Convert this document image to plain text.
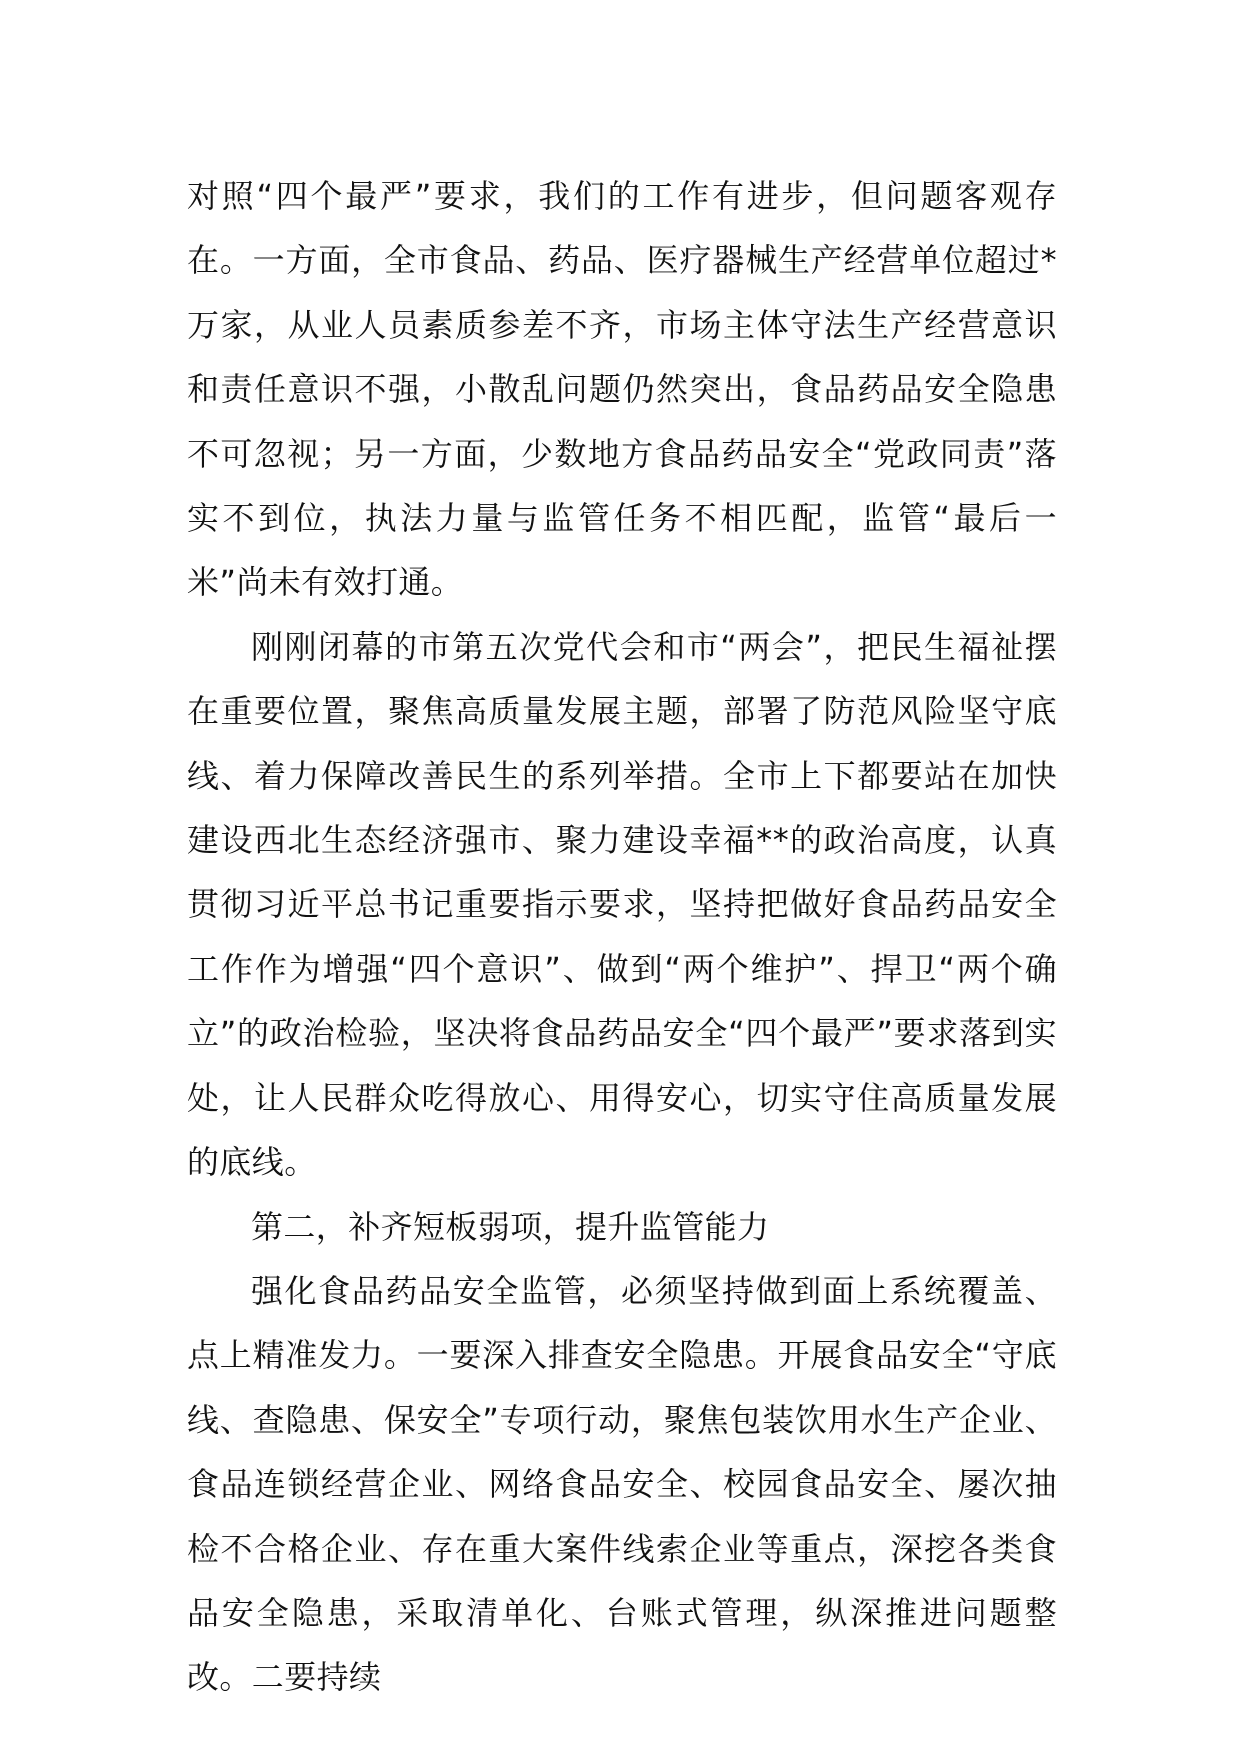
对照“四个最严”要求，我们的工作有进步，但问题客观存在。一方面，全市食品、药品、医疗器械生产经营单位超过*万家，从业人员素质参差不齐，市场主体守法生产经营意识和责任意识不强，小散乱问题仍然突出，食品药品安全隐患不可忽视；另一方面，少数地方食品药品安全“党政同责”落实不到位，执法力量与监管任务不相匹配，监管“最后一米”尚未有效打通。

刚刚闭幕的市第五次党代会和市“两会”，把民生福祉摆在重要位置，聚焦高质量发展主题，部署了防范风险坚守底线、着力保障改善民生的系列举措。全市上下都要站在加快建设西北生态经济强市、聚力建设幸福**的政治高度，认真贯彻习近平总书记重要指示要求，坚持把做好食品药品安全工作作为增强“四个意识”、做到“两个维护”、捍卫“两个确立”的政治检验，坚决将食品药品安全“四个最严”要求落到实处，让人民群众吃得放心、用得安心，切实守住高质量发展的底线。

第二，补齐短板弱项，提升监管能力

强化食品药品安全监管，必须坚持做到面上系统覆盖、点上精准发力。一要深入排查安全隐患。开展食品安全“守底线、查隐患、保安全”专项行动，聚焦包装饮用水生产企业、食品连锁经营企业、网络食品安全、校园食品安全、屡次抽检不合格企业、存在重大案件线索企业等重点，深挖各类食品安全隐患，采取清单化、台账式管理，纵深推进问题整改。二要持续
